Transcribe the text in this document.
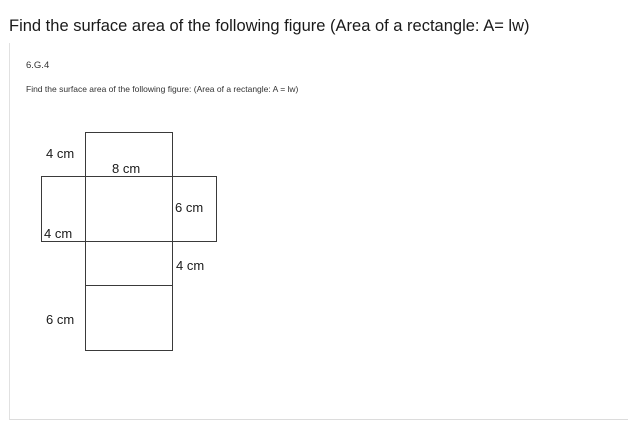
Find the surface area of the following figure (Area of a rectangle: A= lw)
6.G.4
Find the surface area of the following figure: (Area of a rectangle: A = lw)
4 cm
8 cm
6 cm
4 cm
4 cm
6 cm
